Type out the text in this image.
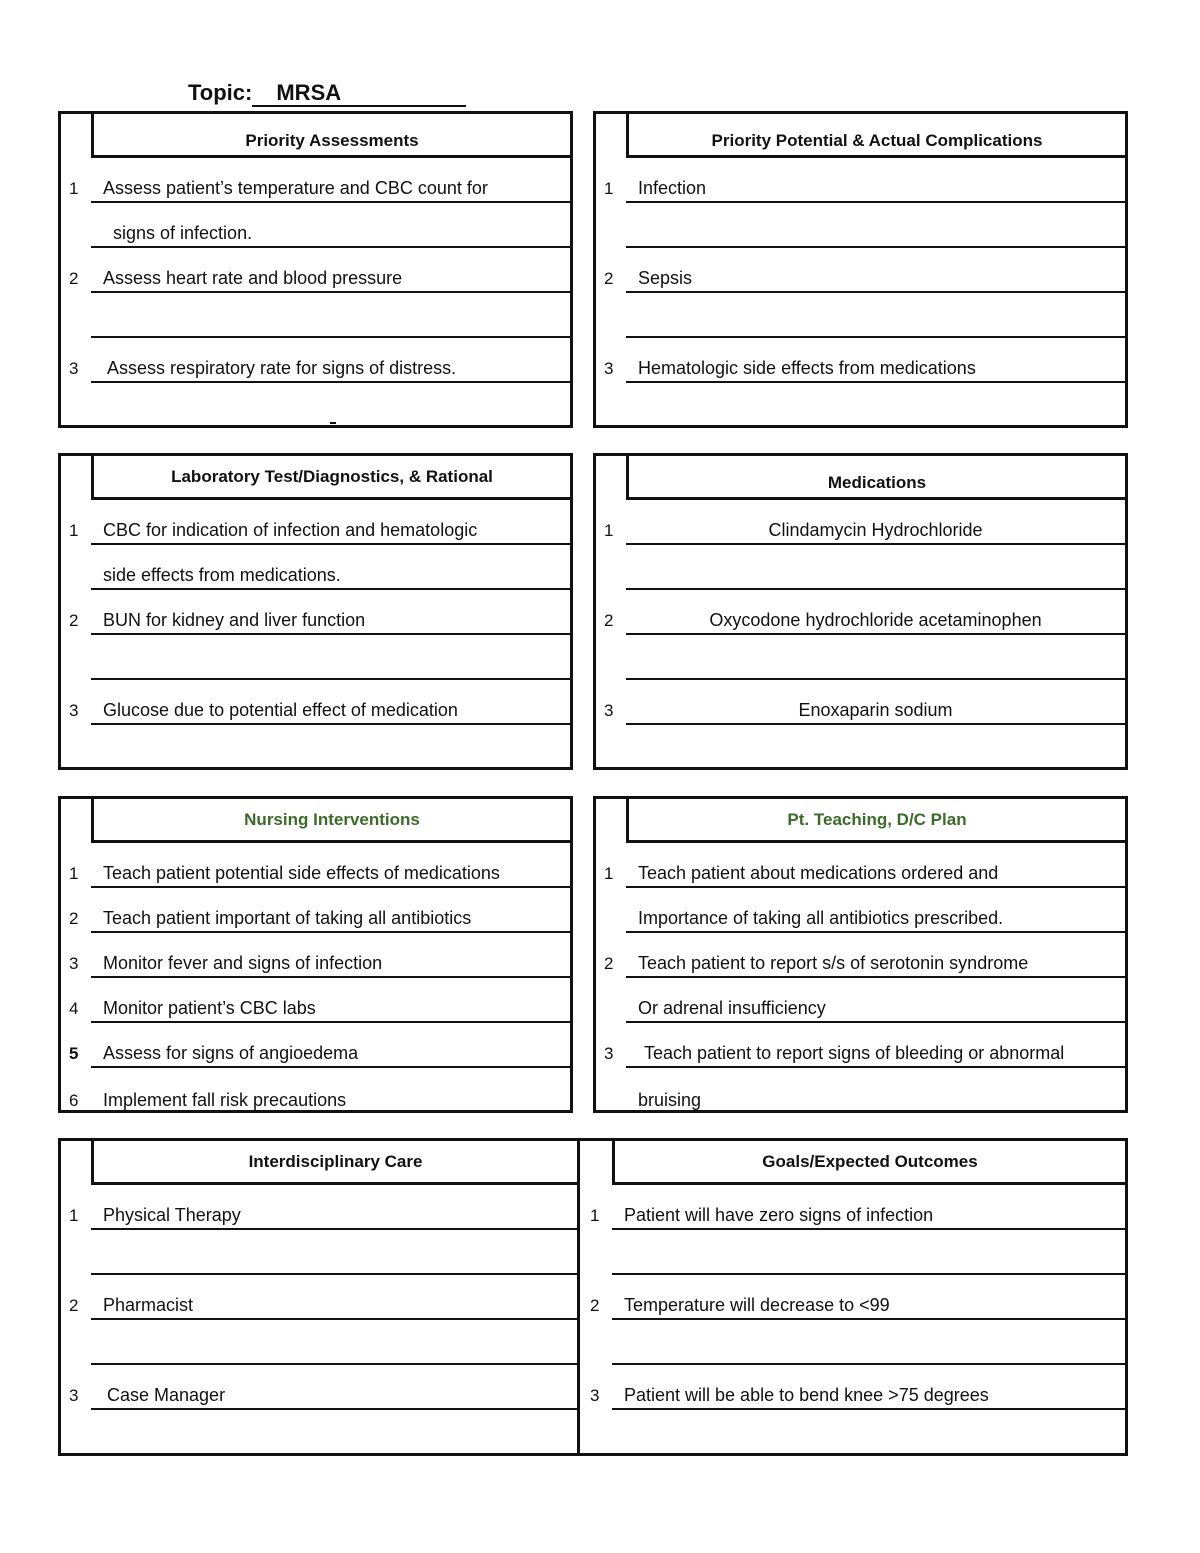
Topic: MRSA
Priority Assessments
1 Assess patient’s temperature and CBC count for
signs of infection.
2 Assess heart rate and blood pressure
3 Assess respiratory rate for signs of distress.
Priority Potential & Actual Complications
1 Infection
2 Sepsis
3 Hematologic side effects from medications
Laboratory Test/Diagnostics, & Rational
1 CBC for indication of infection and hematologic
side effects from medications.
2 BUN for kidney and liver function
3 Glucose due to potential effect of medication
Medications
1	Clindamycin Hydrochloride
2	Oxycodone hydrochloride acetaminophen
3	Enoxaparin sodium
Nursing Interventions
1 Teach patient potential side effects of medications
2 Teach patient important of taking all antibiotics
3 Monitor fever and signs of infection
4 Monitor patient’s CBC labs
5 Assess for signs of angioedema
6 Implement fall risk precautions
Pt. Teaching, D/C Plan
1 Teach patient about medications ordered and
Importance of taking all antibiotics prescribed.
2 Teach patient to report s/s of serotonin syndrome
Or adrenal insufficiency
3 Teach patient to report signs of bleeding or abnormal
bruising
Interdisciplinary Care
1 Physical Therapy
2 Pharmacist
3 Case Manager
Goals/Expected Outcomes
1 Patient will have zero signs of infection
2 Temperature will decrease to <99
3 Patient will be able to bend knee >75 degrees
